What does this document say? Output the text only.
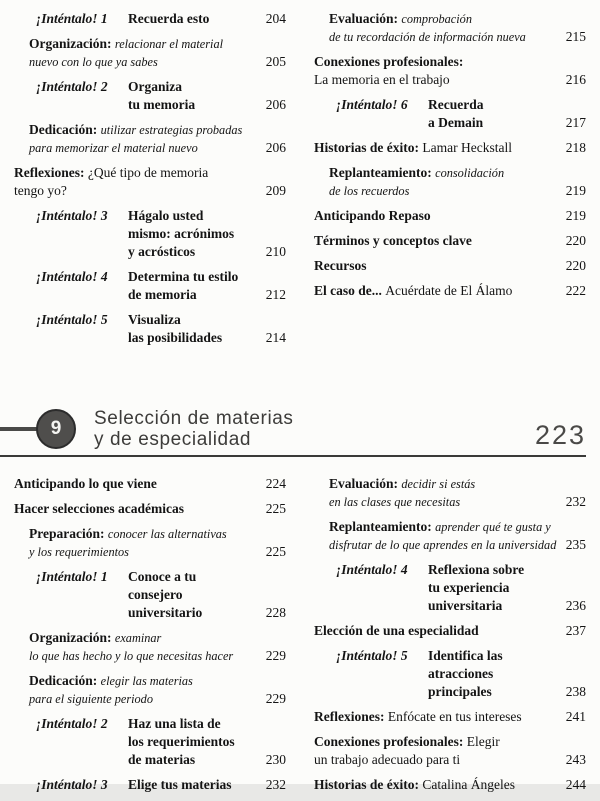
¡Inténtalo! 1	Recuerda esto	204
Organización: relacionar el material
nuevo con lo que ya sabes	205
¡Inténtalo! 2	Organiza
tu memoria	206
Dedicación: utilizar estrategias probadas
para memorizar el material nuevo	206
Reflexiones: ¿Qué tipo de memoria
tengo yo?	209
¡Inténtalo! 3	Hágalo usted
mismo: acrónimos
y acrósticos	210
¡Inténtalo! 4	Determina tu estilo
de memoria	212
¡Inténtalo! 5	Visualiza
las posibilidades	214
Evaluación: comprobación
de tu recordación de información nueva	215
Conexiones profesionales:
La memoria en el trabajo	216
¡Inténtalo! 6	Recuerda
a Demain	217
Historias de éxito: Lamar Heckstall	218
Replanteamiento: consolidación
de los recuerdos	219
Anticipando Repaso	219
Términos y conceptos clave	220
Recursos	220
El caso de... Acuérdate de El Álamo	222
9 Selección de materias
y de especialidad	223
Anticipando lo que viene	224
Hacer selecciones académicas	225
Preparación: conocer las alternativas
y los requerimientos	225
¡Inténtalo! 1	Conoce a tu
consejero
universitario	228
Organización: examinar
lo que has hecho y lo que necesitas hacer	229
Dedicación: elegir las materias
para el siguiente periodo	229
¡Inténtalo! 2	Haz una lista de
los requerimientos
de materias	230
¡Inténtalo! 3	Elige tus materias	232
Evaluación: decidir si estás
en las clases que necesitas	232
Replanteamiento: aprender qué te gusta y
disfrutar de lo que aprendes en la universidad 235
¡Inténtalo! 4	Reflexiona sobre
tu experiencia
universitaria	236
Elección de una especialidad	237
¡Inténtalo! 5	Identifica las
atracciones
principales	238
Reflexiones: Enfócate en tus intereses	241
Conexiones profesionales: Elegir
un trabajo adecuado para ti	243
Historias de éxito: Catalina Ángeles	244
